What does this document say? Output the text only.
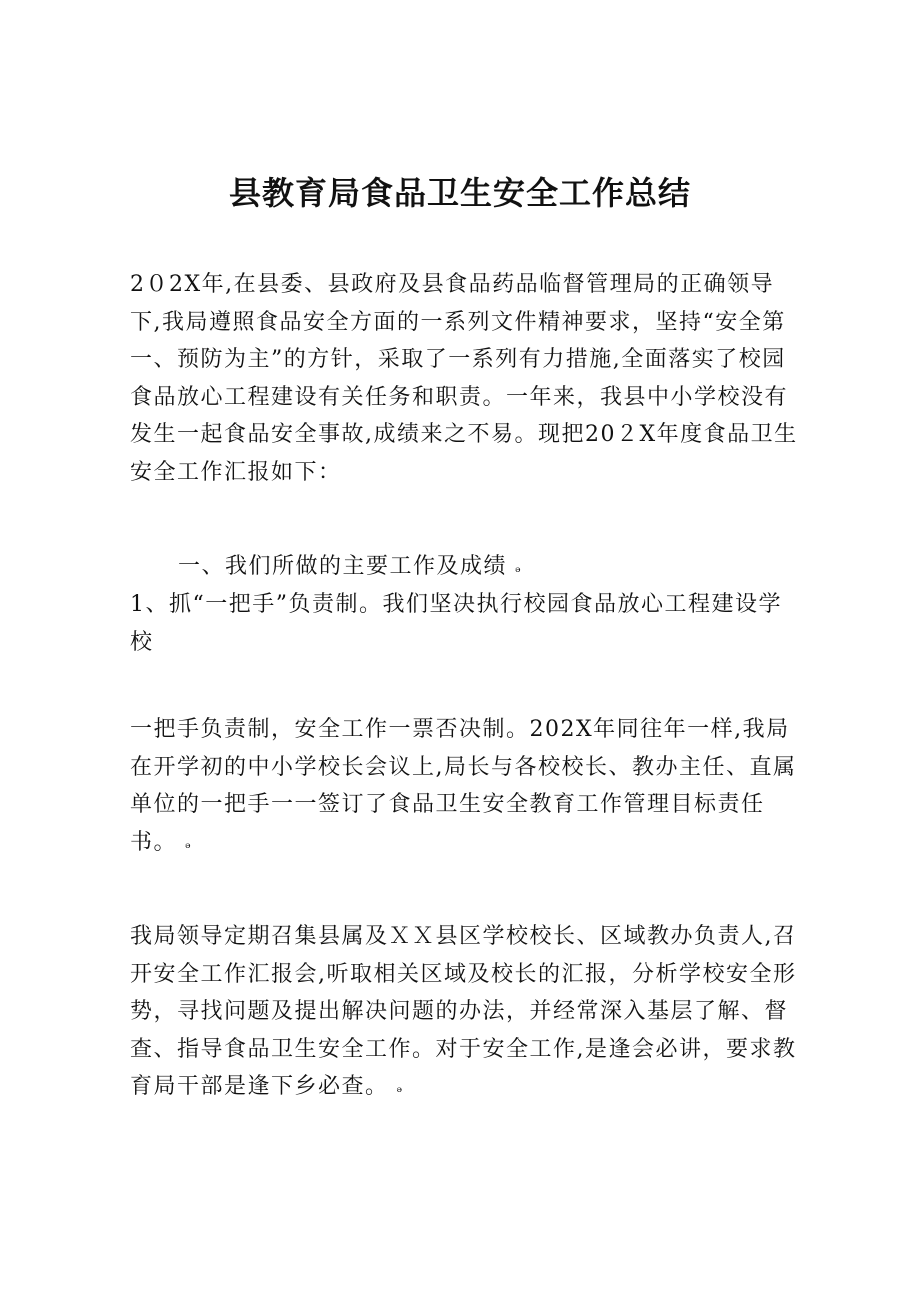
县教育局食品卫生安全工作总结

2０2X年,在县委、县政府及县食品药品临督管理局的正确领导下,我局遵照食品安全方面的一系列文件精神要求，坚持“安全第一、预防为主”的方针，采取了一系列有力措施,全面落实了校园食品放心工程建设有关任务和职责。一年来，我县中小学校没有发生一起食品安全事故,成绩来之不易。现把20２X年度食品卫生安全工作汇报如下：

一、我们所做的主要工作及成绩 ₔ

1、抓“一把手”负责制。我们坚决执行校园食品放心工程建设学校

一把手负责制，安全工作一票否决制。202X年同往年一样,我局在开学初的中小学校长会议上,局长与各校校长、教办主任、直属单位的一把手一一签订了食品卫生安全教育工作管理目标责任书。 ₔ

我局领导定期召集县属及ＸＸ县区学校校长、区域教办负责人,召开安全工作汇报会,听取相关区域及校长的汇报，分析学校安全形势，寻找问题及提出解决问题的办法，并经常深入基层了解、督查、指导食品卫生安全工作。对于安全工作,是逢会必讲，要求教育局干部是逢下乡必查。 ₔ
